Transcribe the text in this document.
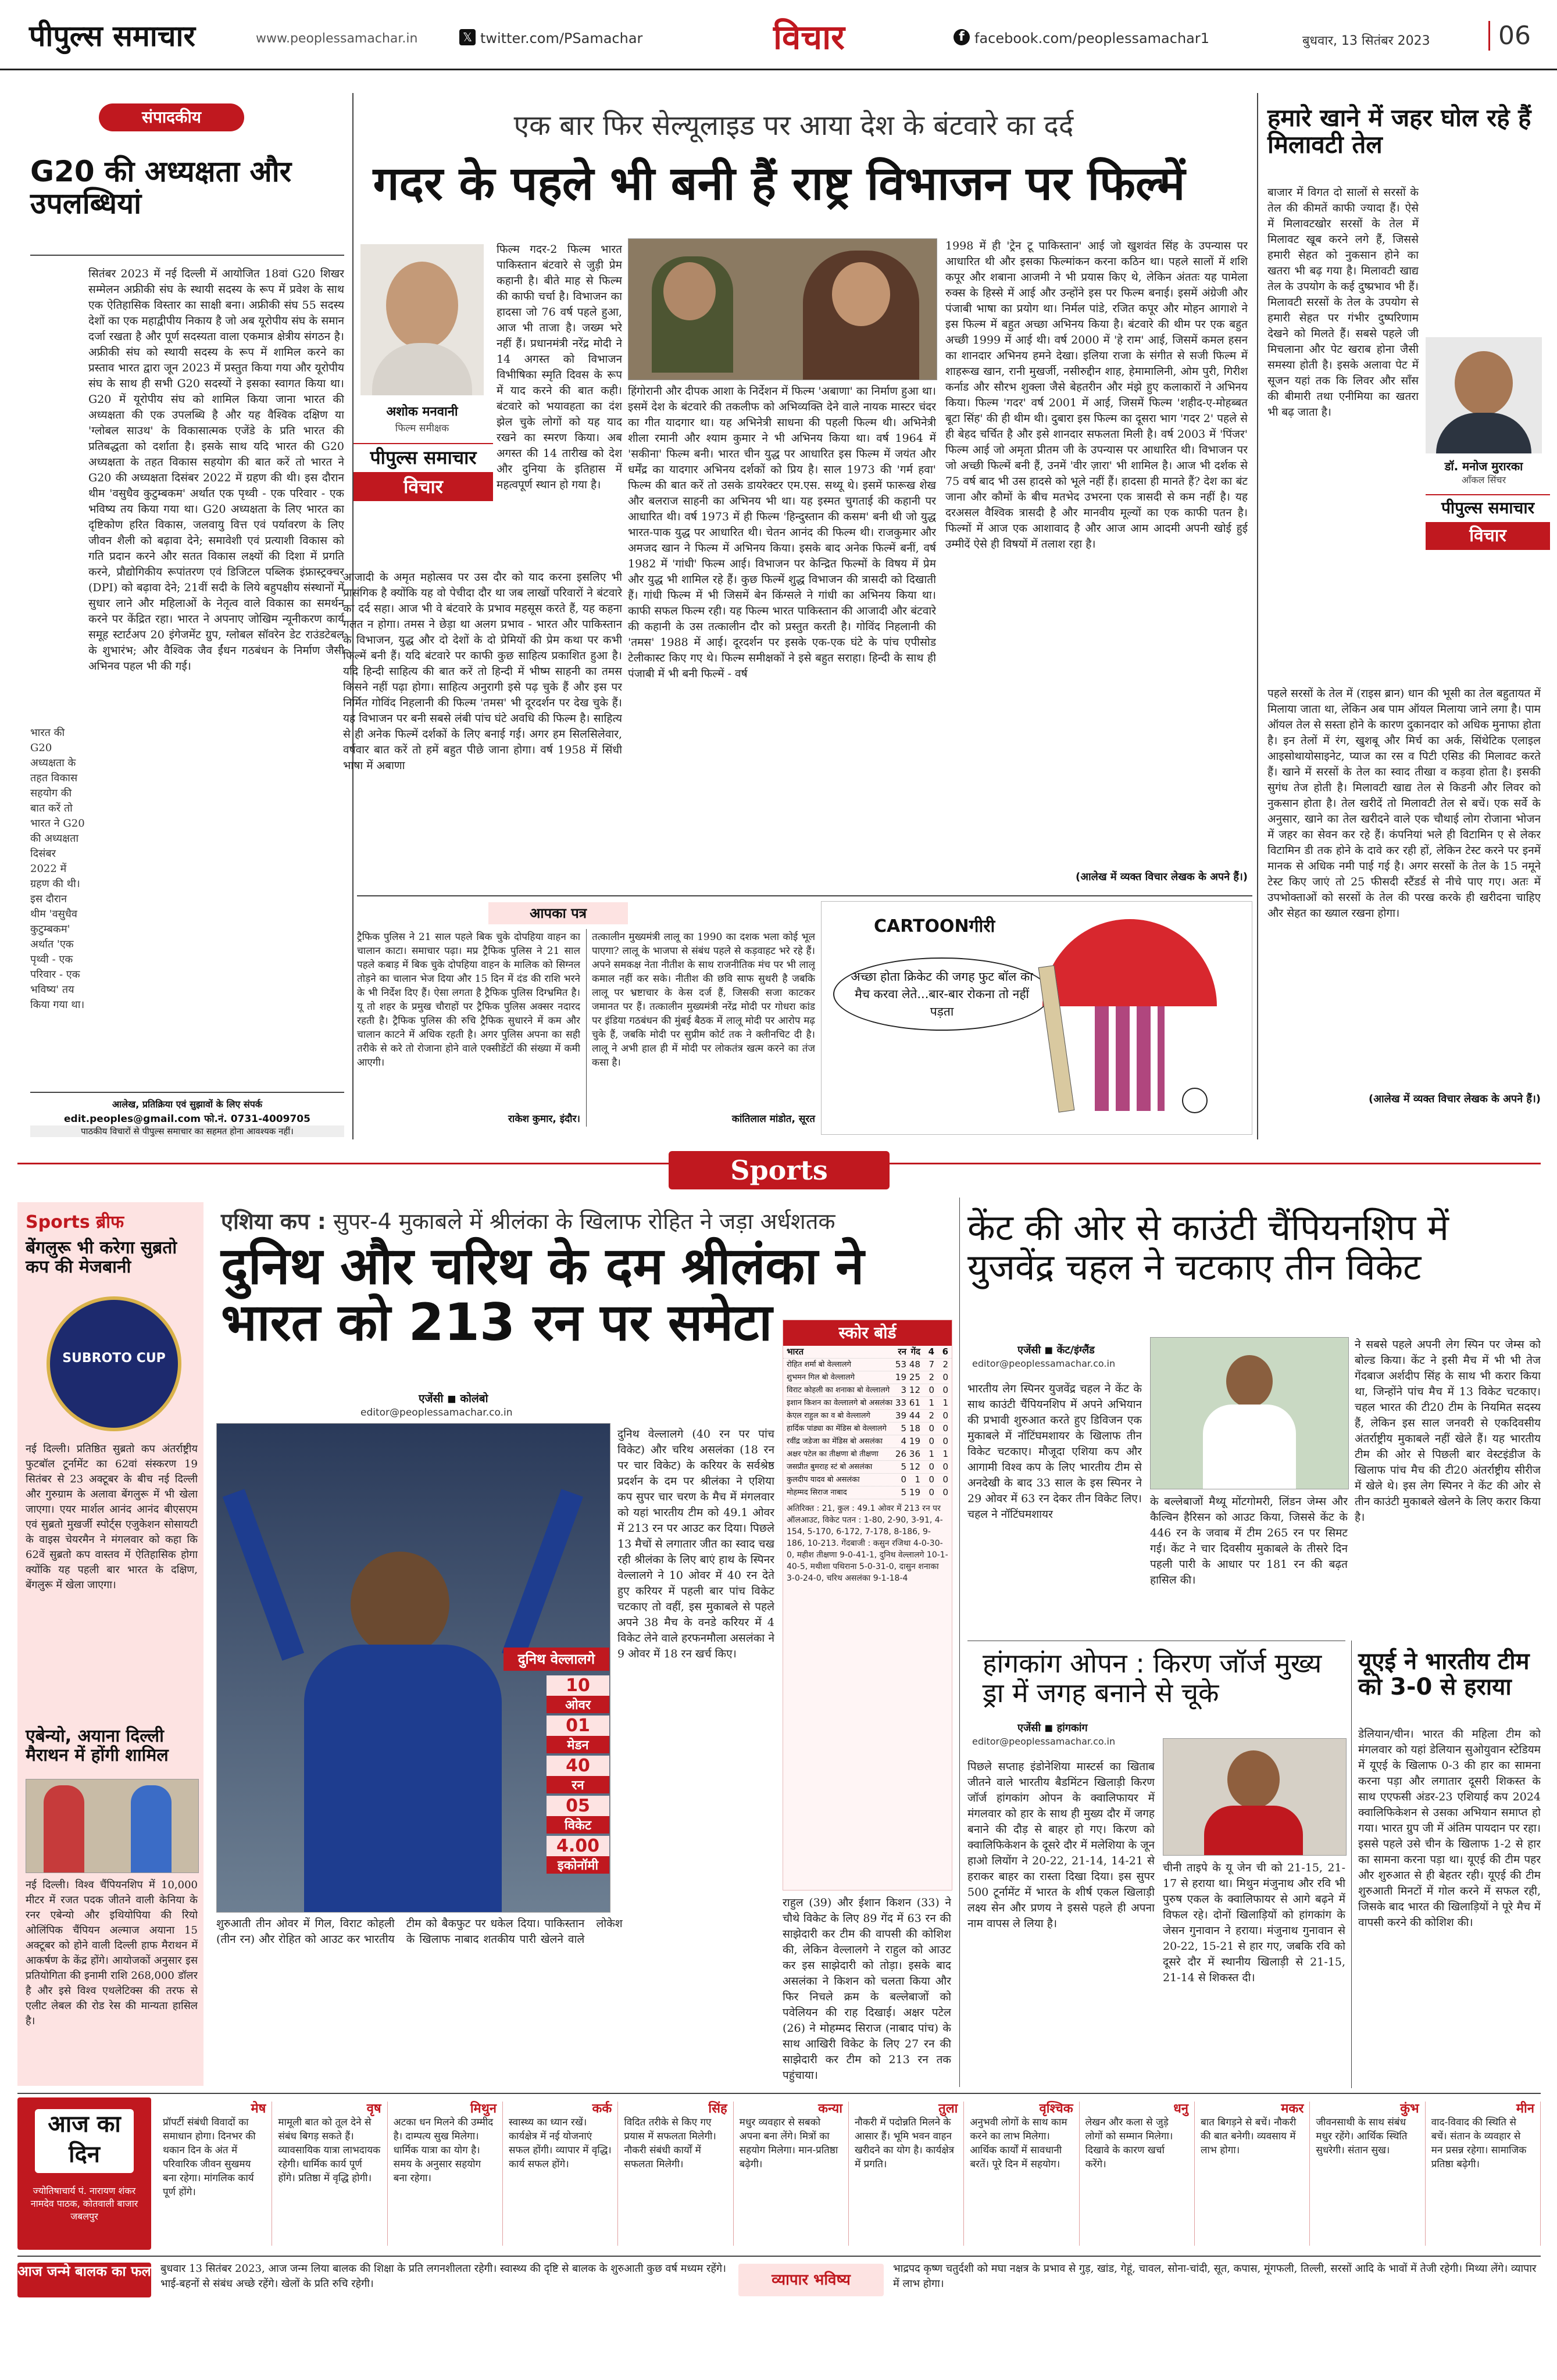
पीपुल्स समाचार	www.peoplessamachar.in	𝕏 twitter.com/PSamachar	विचार	f facebook.com/peoplessamachar1	बुधवार, 13 सितंबर 2023	06
संपादकीय
G20 की अध्यक्षता और उपलब्धियां
सितंबर 2023 में नई दिल्ली में आयोजित 18वां G20 शिखर सम्मेलन अफ्रीकी संघ के स्थायी सदस्य के रूप में प्रवेश के साथ एक ऐतिहासिक विस्तार का साक्षी बना। अफ्रीकी संघ 55 सदस्य देशों का एक महाद्वीपीय निकाय है जो अब यूरोपीय संघ के समान दर्जा रखता है और पूर्ण सदस्यता वाला एकमात्र क्षेत्रीय संगठन है। अफ्रीकी संघ को स्थायी सदस्य के रूप में शामिल करने का प्रस्ताव भारत द्वारा जून 2023 में प्रस्तुत किया गया और यूरोपीय संघ के साथ ही सभी G20 सदस्यों ने इसका स्वागत किया था। G20 में यूरोपीय संघ को शामिल किया जाना भारत की अध्यक्षता की एक उपलब्धि है और यह वैश्विक दक्षिण या 'ग्लोबल साउथ' के विकासात्मक एजेंडे के प्रति भारत की प्रतिबद्धता को दर्शाता है। इसके साथ यदि भारत की G20 अध्यक्षता के तहत विकास सहयोग की बात करें तो भारत ने G20 की अध्यक्षता दिसंबर 2022 में ग्रहण की थी। इस दौरान थीम 'वसुधैव कुटुम्बकम' अर्थात एक पृथ्वी - एक परिवार - एक भविष्य तय किया गया था। G20 अध्यक्षता के लिए भारत का दृष्टिकोण हरित विकास, जलवायु वित्त एवं पर्यावरण के लिए जीवन शैली को बढ़ावा देने; समावेशी एवं प्रत्याशी विकास को गति प्रदान करने और सतत विकास लक्ष्यों की दिशा में प्रगति करने, प्रौद्योगिकीय रूपांतरण एवं डिजिटल पब्लिक इंफ्रास्ट्रक्चर (DPI) को बढ़ावा देने; 21वीं सदी के लिये बहुपक्षीय संस्थानों में सुधार लाने और महिलाओं के नेतृत्व वाले विकास का समर्थन करने पर केंद्रित रहा। भारत ने अपनाए जोखिम न्यूनीकरण कार्य समूह स्टार्टअप 20 इंगेजमेंट ग्रुप, ग्लोबल सॉवरेन डेट राउंडटेबल के शुभारंभ; और वैश्विक जैव ईंधन गठबंधन के निर्माण जैसी अभिनव पहल भी की गई।
भारत की G20 अध्यक्षता के तहत विकास सहयोग की बात करें तो भारत ने G20 की अध्यक्षता दिसंबर 2022 में ग्रहण की थी। इस दौरान थीम 'वसुधैव कुटुम्बकम' अर्थात 'एक पृथ्वी - एक परिवार - एक भविष्य' तय किया गया था।
आलेख, प्रतिक्रिया एवं सुझावों के लिए संपर्क
edit.peoples@gmail.com फो.नं. 0731-4009705
पाठकीय विचारों से पीपुल्स समाचार का सहमत होना आवश्यक नहीं।
एक बार फिर सेल्यूलाइड पर आया देश के बंटवारे का दर्द
गदर के पहले भी बनी हैं राष्ट्र विभाजन पर फिल्में
अशोक मनवानी
फिल्म समीक्षक
पीपुल्स समाचार
विचार
फिल्म गदर-2 फिल्म भारत पाकिस्तान बंटवारे से जुड़ी प्रेम कहानी है। बीते माह से फिल्म की काफी चर्चा है। विभाजन का हादसा जो 76 वर्ष पहले हुआ, आज भी ताजा है। जख्म भरे नहीं हैं। प्रधानमंत्री नरेंद्र मोदी ने 14 अगस्त को विभाजन विभीषिका स्मृति दिवस के रूप में याद करने की बात कही। बंटवारे को भयावहता का दंश झेल चुके लोगों को यह याद रखने का स्मरण किया। अब अगस्त की 14 तारीख को देश और दुनिया के इतिहास में महत्वपूर्ण स्थान हो गया है।
आजादी के अमृत महोत्सव पर उस दौर को याद करना इसलिए भी प्रासंगिक है क्योंकि यह वो पेचीदा दौर था जब लाखों परिवारों ने बंटवारे का दर्द सहा। आज भी वे बंटवारे के प्रभाव महसूस करते हैं, यह कहना गलत न होगा। तमस ने छेड़ा था अलग प्रभाव - भारत और पाकिस्तान के विभाजन, युद्ध और दो देशों के दो प्रेमियों की प्रेम कथा पर कभी फिल्में बनी हैं। यदि बंटवारे पर काफी कुछ साहित्य प्रकाशित हुआ है। यदि हिन्दी साहित्य की बात करें तो हिन्दी में भीष्म साहनी का तमस किसने नहीं पढ़ा होगा। साहित्य अनुरागी इसे पढ़ चुके हैं और इस पर निर्मित गोविंद निहलानी की फिल्म 'तमस' भी दूरदर्शन पर देख चुके हैं। यह विभाजन पर बनी सबसे लंबी पांच घंटे अवधि की फिल्म है। साहित्य से ही अनेक फिल्में दर्शकों के लिए बनाई गई। अगर हम सिलसिलेवार, वर्षवार बात करें तो हमें बहुत पीछे जाना होगा। वर्ष 1958 में सिंधी भाषा में अबाणा
हिंगोरानी और दीपक आशा के निर्देशन में फिल्म 'अबाणा' का निर्माण हुआ था। इसमें देश के बंटवारे की तकलीफ को अभिव्यक्ति देने वाले नायक मास्टर चंदर का गीत यादगार था। यह अभिनेत्री साधना की पहली फिल्म थी। अभिनेत्री शीला रमानी और श्याम कुमार ने भी अभिनय किया था। वर्ष 1964 में 'सकीना' फिल्म बनी। भारत चीन युद्ध पर आधारित इस फिल्म में जयंत और धर्मेंद्र का यादगार अभिनय दर्शकों को प्रिय है। साल 1973 की 'गर्म हवा' फिल्म की बात करें तो उसके डायरेक्टर एम.एस. सथ्यू थे। इसमें फारूख शेख और बलराज साहनी का अभिनय भी था। यह इस्मत चुगताई की कहानी पर आधारित थी। वर्ष 1973 में ही फिल्म 'हिन्दुस्तान की कसम' बनी थी जो युद्ध भारत-पाक युद्ध पर आधारित थी। चेतन आनंद की फिल्म थी। राजकुमार और अमजद खान ने फिल्म में अभिनय किया। इसके बाद अनेक फिल्में बनीं, वर्ष 1982 में 'गांधी' फिल्म आई। विभाजन पर केन्द्रित फिल्मों के विषय में प्रेम और युद्ध भी शामिल रहे हैं। कुछ फिल्में शुद्ध विभाजन की त्रासदी को दिखाती हैं। गांधी फिल्म में भी जिसमें बेन किंग्सले ने गांधी का अभिनय किया था। काफी सफल फिल्म रही। यह फिल्म भारत पाकिस्तान की आजादी और बंटवारे की कहानी के उस तत्कालीन दौर को प्रस्तुत करती है। गोविंद निहलानी की 'तमस' 1988 में आई। दूरदर्शन पर इसके एक-एक घंटे के पांच एपीसोड टेलीकास्ट किए गए थे। फिल्म समीक्षकों ने इसे बहुत सराहा। हिन्दी के साथ ही पंजाबी में भी बनी फिल्में - वर्ष
1998 में ही 'ट्रेन टू पाकिस्तान' आई जो खुशवंत सिंह के उपन्यास पर आधारित थी और इसका फिल्मांकन करना कठिन था। पहले सालों में शशि कपूर और शबाना आजमी ने भी प्रयास किए थे, लेकिन अंततः यह पामेला रुक्स के हिस्से में आई और उन्होंने इस पर फिल्म बनाई। इसमें अंग्रेजी और पंजाबी भाषा का प्रयोग था। निर्मल पांडे, रजित कपूर और मोहन आगाशे ने इस फिल्म में बहुत अच्छा अभिनय किया है। बंटवारे की थीम पर एक बहुत अच्छी 1999 में आई थी। वर्ष 2000 में 'हे राम' आई, जिसमें कमल हसन का शानदार अभिनय हमने देखा। इलिया राजा के संगीत से सजी फिल्म में शाहरूख खान, रानी मुखर्जी, नसीरुद्दीन शाह, हेमामालिनी, ओम पुरी, गिरीश कर्नाड और सौरभ शुक्ला जैसे बेहतरीन और मंझे हुए कलाकारों ने अभिनय किया। फिल्म 'गदर' वर्ष 2001 में आई, जिसमें फिल्म 'शहीद-ए-मोहब्बत बूटा सिंह' की ही थीम थी। दुबारा इस फिल्म का दूसरा भाग 'गदर 2' पहले से ही बेहद चर्चित है और इसे शानदार सफलता मिली है। वर्ष 2003 में 'पिंजर' फिल्म आई जो अमृता प्रीतम जी के उपन्यास पर आधारित थी। विभाजन पर जो अच्छी फिल्में बनी हैं, उनमें 'वीर ज़ारा' भी शामिल है। आज भी दर्शक से 75 वर्ष बाद भी उस हादसे को भूले नहीं हैं। हादसा ही मानते हैं? देश का बंट जाना और कौमों के बीच मतभेद उभरना एक त्रासदी से कम नहीं है। यह दरअसल वैश्विक त्रासदी है और मानवीय मूल्यों का एक काफी पतन है। फिल्मों में आज एक आशावाद है और आज आम आदमी अपनी खोई हुई उम्मीदें ऐसे ही विषयों में तलाश रहा है।
(आलेख में व्यक्त विचार लेखक के अपने हैं।)
आपका पत्र
ट्रैफिक पुलिस ने 21 साल पहले बिक चुके दोपहिया वाहन का चालान काटा। समाचार पढ़ा। मप्र ट्रैफिक पुलिस ने 21 साल पहले कबाड़ में बिक चुके दोपहिया वाहन के मालिक को सिग्नल तोड़ने का चालान भेज दिया और 15 दिन में दंड की राशि भरने के भी निर्देश दिए हैं। ऐसा लगता है ट्रैफिक पुलिस दिग्भ्रमित है। यू तो शहर के प्रमुख चौराहों पर ट्रैफिक पुलिस अक्सर नदारद रहती है। ट्रैफिक पुलिस की रुचि ट्रैफिक सुधारने में कम और चालान काटने में अधिक रहती है। अगर पुलिस अपना का सही तरीके से करे तो रोजाना होने वाले एक्सीडेंटों की संख्या में कमी आएगी।
राकेश कुमार, इंदौर।
तत्कालीन मुख्यमंत्री लालू का 1990 का दशक भला कोई भूल पाएगा? लालू के भाजपा से संबंध पहले से कड़वाहट भरे रहे हैं। अपने समकक्ष नेता नीतीश के साथ राजनीतिक मंच पर भी लालू कमाल नहीं कर सके। नीतीश की छवि साफ सुथरी है जबकि लालू पर भ्रष्टाचार के केस दर्ज हैं, जिसकी सजा काटकर जमानत पर हैं। तत्कालीन मुख्यमंत्री नरेंद्र मोदी पर गोधरा कांड पर इंडिया गठबंधन की मुंबई बैठक में लालू मोदी पर आरोप मढ़ चुके हैं, जबकि मोदी पर सुप्रीम कोर्ट तक ने क्लीनचिट दी है। लालू ने अभी हाल ही में मोदी पर लोकतंत्र खत्म करने का तंज कसा है।
कांतिलाल मांडोत, सूरत
CARTOONगीरी
अच्छा होता क्रिकेट की जगह फुट बॉल का मैच करवा लेते...बार-बार रोकना तो नहीं पड़ता
हमारे खाने में जहर घोल रहे हैं मिलावटी तेल
बाजार में विगत दो सालों से सरसों के तेल की कीमतें काफी ज्यादा हैं। ऐसे में मिलावटखोर सरसों के तेल में मिलावट खूब करने लगे हैं, जिससे हमारी सेहत को नुकसान होने का खतरा भी बढ़ गया है। मिलावटी खाद्य तेल के उपयोग के कई दुष्प्रभाव भी हैं। मिलावटी सरसों के तेल के उपयोग से हमारी सेहत पर गंभीर दुष्परिणाम देखने को मिलते हैं। सबसे पहले जी मिचलाना और पेट खराब होना जैसी समस्या होती है। इसके अलावा पेट में सूजन यहां तक कि लिवर और साँस की बीमारी तथा एनीमिया का खतरा भी बढ़ जाता है।
डॉ. मनोज मुरारका
ऑंकल सिंचर
पीपुल्स समाचार
विचार
पहले सरसों के तेल में (राइस ब्रान) धान की भूसी का तेल बहुतायत में मिलाया जाता था, लेकिन अब पाम ऑयल मिलाया जाने लगा है। पाम ऑयल तेल से सस्ता होने के कारण दुकानदार को अधिक मुनाफा होता है। इन तेलों में रंग, खुशबू और मिर्च का अर्क, सिंथेटिक एलाइल आइसोथायोसाइनेट, प्याज का रस व पिटी एसिड की मिलावट करते हैं। खाने में सरसों के तेल का स्वाद तीखा व कड़वा होता है। इसकी सुगंध तेज होती है। मिलावटी खाद्य तेल से किडनी और लिवर को नुकसान होता है। तेल खरीदें तो मिलावटी तेल से बचें। एक सर्वे के अनुसार, खाने का तेल खरीदने वाले एक चौथाई लोग रोजाना भोजन में जहर का सेवन कर रहे हैं। कंपनियां भले ही विटामिन ए से लेकर विटामिन डी तक होने के दावे कर रही हों, लेकिन टेस्ट करने पर इनमें मानक से अधिक नमी पाई गई है। अगर सरसों के तेल के 15 नमूने टेस्ट किए जाएं तो 25 फीसदी स्टैंडर्ड से नीचे पाए गए। अतः में उपभोक्ताओं को सरसों के तेल की परख करके ही खरीदना चाहिए और सेहत का ख्याल रखना होगा।
(आलेख में व्यक्त विचार लेखक के अपने हैं।)
Sports
Sports ब्रीफ
बेंगलुरू भी करेगा सुब्रतो कप की मेजबानी
SUBROTO CUP
नई दिल्ली। प्रतिष्ठित सुब्रतो कप अंतर्राष्ट्रीय फुटबॉल टूर्नामेंट का 62वां संस्करण 19 सितंबर से 23 अक्टूबर के बीच नई दिल्ली और गुरुग्राम के अलावा बेंगलुरू में भी खेला जाएगा। एयर मार्शल आनंद आनंद बीएसएम एवं सुब्रतो मुखर्जी स्पोर्ट्स एजुकेशन सोसायटी के वाइस चेयरमैन ने मंगलवार को कहा कि 62वें सुब्रतो कप वास्तव में ऐतिहासिक होगा क्योंकि यह पहली बार भारत के दक्षिण, बेंगलुरू में खेला जाएगा।
एबेन्यो, अयाना दिल्ली मैराथन में होंगी शामिल
नई दिल्ली। विश्व चैंपियनशिप में 10,000 मीटर में रजत पदक जीतने वाली केनिया के रनर एबेन्यो और इथियोपिया की रियो ओलिंपिक चैंपियन अल्माज अयाना 15 अक्टूबर को होने वाली दिल्ली हाफ मैराथन में आकर्षण के केंद्र होंगे। आयोजकों अनुसार इस प्रतियोगिता की इनामी राशि 268,000 डॉलर है और इसे विश्व एथलेटिक्स की तरफ से एलीट लेबल की रोड रेस की मान्यता हासिल है।
एशिया कप : सुपर-4 मुकाबले में श्रीलंका के खिलाफ रोहित ने जड़ा अर्धशतक
दुनिथ और चरिथ के दम श्रीलंका ने भारत को 213 रन पर समेटा
एजेंसी ◼ कोलंबो
editor@peoplessamachar.co.in
दुनिथ वेल्लालगे
10
ओवर
01
मेडन
40
रन
05
विकेट
4.00
इकोनॉमी
दुनिथ वेल्लालगे (40 रन पर पांच विकेट) और चरिथ असलंका (18 रन पर चार विकेट) के करियर के सर्वश्रेष्ठ प्रदर्शन के दम पर श्रीलंका ने एशिया कप सुपर चार चरण के मैच में मंगलवार को यहां भारतीय टीम को 49.1 ओवर में 213 रन पर आउट कर दिया। पिछले 13 मैचों से लगातार जीत का स्वाद चख रही श्रीलंका के लिए बाएं हाथ के स्पिनर वेल्लालगे ने 10 ओवर में 40 रन देते हुए करियर में पहली बार पांच विकेट चटकाए तो वहीं, इस मुकाबले से पहले अपने 38 मैच के वनडे करियर में 4 विकेट लेने वाले हरफनमौला असलंका ने 9 ओवर में 18 रन खर्च किए।
शुरुआती तीन ओवर में गिल, विराट कोहली (तीन रन) और रोहित को आउट कर भारतीय टीम को बैकफुट पर धकेल दिया। पाकिस्तान के खिलाफ नाबाद शतकीय पारी खेलने वाले लोकेश
राहुल (39) और ईशान किशन (33) ने चौथे विकेट के लिए 89 गेंद में 63 रन की साझेदारी कर टीम की वापसी की कोशिश की, लेकिन वेल्लालगे ने राहुल को आउट कर इस साझेदारी को तोड़ा। इसके बाद असलंका ने किशन को चलता किया और फिर निचले क्रम के बल्लेबाजों को पवेलियन की राह दिखाई। अक्षर पटेल (26) ने मोहम्मद सिराज (नाबाद पांच) के साथ आखिरी विकेट के लिए 27 रन की साझेदारी कर टीम को 213 रन तक पहुंचाया।
स्कोर बोर्ड
भारत	रन गेंद 4 6
रोहित शर्मा बो वेल्लालगे	53 48 7 2
शुभमन गिल बो वेल्लालगे	19 25 2 0
विराट कोहली का शनाका बो वेल्लालगे	3 12 0 0
इशान किशन का वेल्लालगे बो असलंका 33 61 1 1
केएल राहुल का व बो वेल्लालगे	39 44 2 0
हार्दिक पांड्या का मेंडिस बो वेल्लालगे	5 18 0 0
रवींद्र जडेजा का मेंडिस बो असलंका	4 19 0 0
अक्षर पटेल का तीक्षणा बो तीक्षणा	26 36 1 1
जसप्रीत बुमराह स्टं बो असलंका	5 12 0 0
कुलदीप यादव बो असलंका	0 1 0 0
मोहम्मद सिराज नाबाद	5 19 0 0
अतिरिक्त : 21, कुल : 49.1 ओवर में 213 रन पर ऑलआउट, विकेट पतन : 1-80, 2-90, 3-91, 4-154, 5-170, 6-172, 7-178, 8-186, 9-186, 10-213. गेंदबाजी : कसुन रजिथा 4-0-30-0, महीश तीक्षणा 9-0-41-1, दुनिथ वेल्लालगे 10-1-40-5, मथीशा पथिराना 5-0-31-0, दासुन शनाका 3-0-24-0, चरिथ असलंका 9-1-18-4
केंट की ओर से काउंटी चैंपियनशिप में युजवेंद्र चहल ने चटकाए तीन विकेट
एजेंसी ◼ केंट/इंग्लैंड
editor@peoplessamachar.co.in
भारतीय लेग स्पिनर युजवेंद्र चहल ने केंट के साथ काउंटी चैंपियनशिप में अपने अभियान की प्रभावी शुरुआत करते हुए डिविजन एक मुकाबले में नॉटिंघमशायर के खिलाफ तीन विकेट चटकाए। मौजूदा एशिया कप और आगामी विश्व कप के लिए भारतीय टीम से अनदेखी के बाद 33 साल के इस स्पिनर ने 29 ओवर में 63 रन देकर तीन विकेट लिए। चहल ने नॉटिंघमशायर
के बल्लेबाजों मैथ्यू मोंटगोमरी, लिंडन जेम्स और कैल्विन हैरिसन को आउट किया, जिससे केंट के 446 रन के जवाब में टीम 265 रन पर सिमट गई। केंट ने चार दिवसीय मुकाबले के तीसरे दिन पहली पारी के आधार पर 181 रन की बढ़त हासिल की।
ने सबसे पहले अपनी लेग स्पिन पर जेम्स को बोल्ड किया। केंट ने इसी मैच में भी भी तेज गेंदबाज अर्शदीप सिंह के साथ भी करार किया था, जिन्होंने पांच मैच में 13 विकेट चटकाए। चहल भारत की टी20 टीम के नियमित सदस्य हैं, लेकिन इस साल जनवरी से एकदिवसीय अंतर्राष्ट्रीय मुकाबले नहीं खेले हैं। यह भारतीय टीम की ओर से पिछली बार वेस्टइंडीज के खिलाफ पांच मैच की टी20 अंतर्राष्ट्रीय सीरीज में खेले थे। इस लेग स्पिनर ने केंट की ओर से तीन काउंटी मुकाबले खेलने के लिए करार किया है।
हांगकांग ओपन : किरण जॉर्ज मुख्य ड्रा में जगह बनाने से चूके
एजेंसी ◼ हांगकांग
editor@peoplessamachar.co.in
पिछले सप्ताह इंडोनेशिया मास्टर्स का खिताब जीतने वाले भारतीय बैडमिंटन खिलाड़ी किरण जॉर्ज हांगकांग ओपन के क्वालिफायर में मंगलवार को हार के साथ ही मुख्य दौर में जगह बनाने की दौड़ से बाहर हो गए। किरण को क्वालिफिकेशन के दूसरे दौर में मलेशिया के जून हाओ लियोंग ने 20-22, 21-14, 14-21 से हराकर बाहर का रास्ता दिखा दिया। इस सुपर 500 टूर्नामेंट में भारत के शीर्ष एकल खिलाड़ी लक्ष्य सेन और प्रणय ने इससे पहले ही अपना नाम वापस ले लिया है।
चीनी ताइपे के यू जेन ची को 21-15, 21-17 से हराया था। मिथुन मंजुनाथ और रवि भी पुरुष एकल के क्वालिफायर से आगे बढ़ने में विफल रहे। दोनों खिलाड़ियों को हांगकांग के जेसन गुनावान ने हराया। मंजुनाथ गुनावान से 20-22, 15-21 से हार गए, जबकि रवि को दूसरे दौर में स्थानीय खिलाड़ी से 21-15, 21-14 से शिकस्त दी।
यूएई ने भारतीय टीम को 3-0 से हराया
डेलियान/चीन। भारत की महिला टीम को मंगलवार को यहां डेलियान सुओयुवान स्टेडियम में यूएई के खिलाफ 0-3 की हार का सामना करना पड़ा और लगातार दूसरी शिकस्त के साथ एएफसी अंडर-23 एशियाई कप 2024 क्वालिफिकेशन से उसका अभियान समाप्त हो गया। भारत ग्रुप जी में अंतिम पायदान पर रहा। इससे पहले उसे चीन के खिलाफ 1-2 से हार का सामना करना पड़ा था। यूएई की टीम पहर और शुरुआत से ही बेहतर रही। यूएई की टीम शुरुआती मिनटों में गोल करने में सफल रही, जिसके बाद भारत की खिलाड़ियों ने पूरे मैच में वापसी करने की कोशिश की।
आज का दिन
ज्योतिषाचार्य पं. नारायण शंकर नामदेव पाठक, कोतवाली बाजार जबलपुर
मेष
प्रॉपर्टी संबंधी विवादों का समाधान होगा। दिनभर की थकान दिन के अंत में परिवारिक जीवन सुखमय बना रहेगा। मांगलिक कार्य पूर्ण होंगे।
वृष
मामूली बात को तूल देने से संबंध बिगड़ सकते हैं। व्यावसायिक यात्रा लाभदायक रहेगी। धार्मिक कार्य पूर्ण होंगे। प्रतिष्ठा में वृद्धि होगी।
मिथुन
अटका धन मिलने की उम्मीद है। दाम्पत्य सुख मिलेगा। धार्मिक यात्रा का योग है। समय के अनुसार सहयोग बना रहेगा।
कर्क
स्वास्थ्य का ध्यान रखें। कार्यक्षेत्र में नई योजनाएं सफल होंगी। व्यापार में वृद्धि। कार्य सफल होंगे।
सिंह
विदित तरीके से किए गए प्रयास में सफलता मिलेगी। नौकरी संबंधी कार्यों में सफलता मिलेगी।
कन्या
मधुर व्यवहार से सबको अपना बना लेंगे। मित्रों का सहयोग मिलेगा। मान-प्रतिष्ठा बढ़ेगी।
तुला
नौकरी में पदोन्नति मिलने के आसार हैं। भूमि भवन वाहन खरीदने का योग है। कार्यक्षेत्र में प्रगति।
वृश्चिक
अनुभवी लोगों के साथ काम करने का लाभ मिलेगा। आर्थिक कार्यों में सावधानी बरतें। पूरे दिन में सहयोग।
धनु
लेखन और कला से जुड़े लोगों को सम्मान मिलेगा। दिखावे के कारण खर्चा करेंगे।
मकर
बात बिगड़ने से बचें। नौकरी की बात बनेगी। व्यवसाय में लाभ होगा।
कुंभ
जीवनसाथी के साथ संबंध मधुर रहेंगे। आर्थिक स्थिति सुधरेगी। संतान सुख।
मीन
वाद-विवाद की स्थिति से बचें। संतान के व्यवहार से मन प्रसन्न रहेगा। सामाजिक प्रतिष्ठा बढ़ेगी।
आज जन्मे बालक का फल बुधवार 13 सितंबर 2023, आज जन्म लिया बालक की शिक्षा के प्रति लगनशीलता रहेगी। स्वास्थ्य की दृष्टि से बालक के शुरुआती कुछ वर्ष मध्यम रहेंगे। भाई-बहनों से संबंध अच्छे रहेंगे। खेलों के प्रति रुचि रहेगी।	व्यापार भविष्य
भाद्रपद कृष्ण चतुर्दशी को मघा नक्षत्र के प्रभाव से गुड़, खांड, गेहूं, चावल, सोना-चांदी, सूत, कपास, मूंगफली, तिल्ली, सरसों आदि के भावों में तेजी रहेगी। मिथ्या लेंगे। व्यापार में लाभ होगा।
